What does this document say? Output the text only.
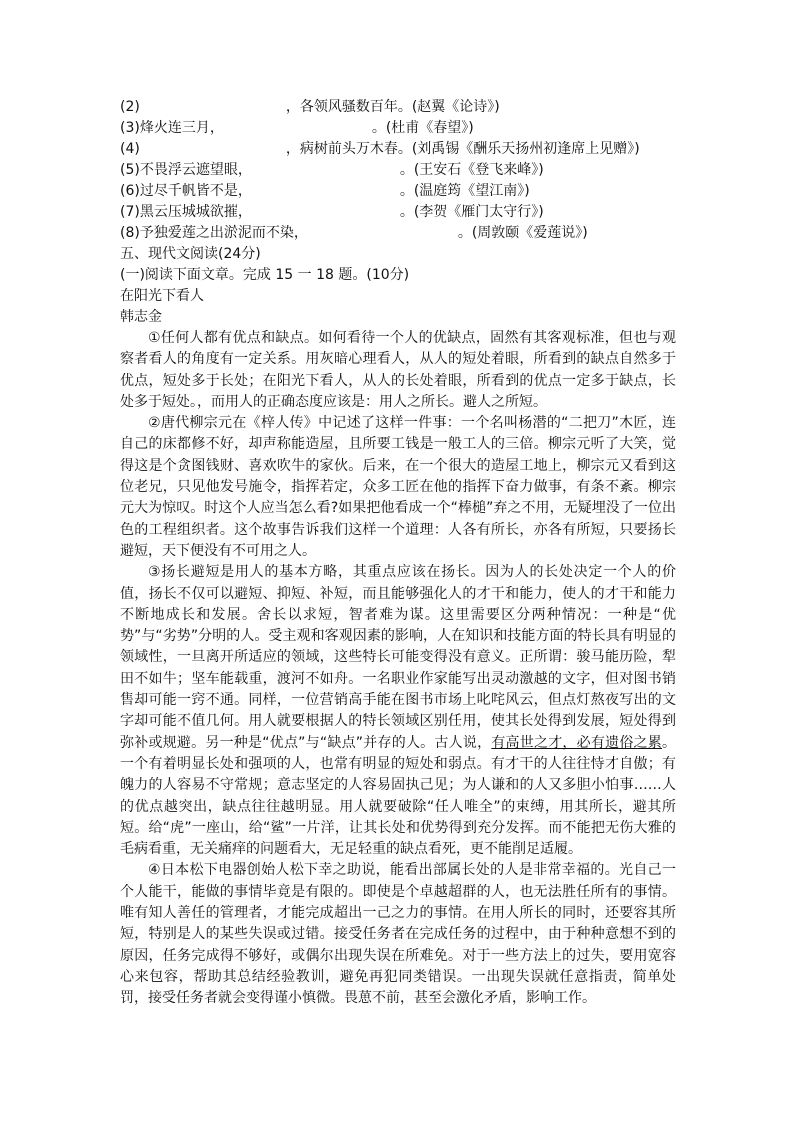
(2)	，各领风骚数百年。(赵翼《论诗》)
(3)烽火连三月，	。(杜甫《春望》)
(4)	，病树前头万木春。(刘禹锡《酬乐天扬州初逢席上见赠》)
(5)不畏浮云遮望眼，	。(王安石《登飞来峰》)
(6)过尽千帆皆不是，	。(温庭筠《望江南》)
(7)黑云压城城欲摧，	。(李贺《雁门太守行》)
(8)予独爱莲之出淤泥而不染，	。(周敦颐《爱莲说》)
五、现代文阅读(24分)
(一)阅读下面文章。完成 15 一 18 题。(10分)
在阳光下看人
韩志金

①任何人都有优点和缺点。如何看待一个人的优缺点，固然有其客观标准，但也与观察者看人的角度有一定关系。用灰暗心理看人，从人的短处着眼，所看到的缺点自然多于优点，短处多于长处；在阳光下看人，从人的长处着眼，所看到的优点一定多于缺点，长处多于短处。，而用人的正确态度应该是：用人之所长。避人之所短。

②唐代柳宗元在《梓人传》中记述了这样一件事：一个名叫杨潜的“二把刀”木匠，连自己的床都修不好，却声称能造屋，且所要工钱是一般工人的三倍。柳宗元听了大笑，觉得这是个贪图钱财、喜欢吹牛的家伙。后来，在一个很大的造屋工地上，柳宗元又看到这位老兄，只见他发号施令，指挥若定，众多工匠在他的指挥下奋力做事，有条不紊。柳宗元大为惊叹。时这个人应当怎么看?如果把他看成一个“棒槌”弃之不用，无疑埋没了一位出色的工程组织者。这个故事告诉我们这样一个道理：人各有所长，亦各有所短，只要扬长避短，天下便没有不可用之人。

③扬长避短是用人的基本方略，其重点应该在扬长。因为人的长处决定一个人的价值，扬长不仅可以避短、抑短、补短，而且能够强化人的才干和能力，使人的才干和能力不断地成长和发展。舍长以求短，智者难为谋。这里需要区分两种情况：一种是“优势”与“劣势”分明的人。受主观和客观因素的影响，人在知识和技能方面的特长具有明显的领域性，一旦离开所适应的领域，这些特长可能变得没有意义。正所谓：骏马能历险，犁田不如牛；坚车能载重，渡河不如舟。一名职业作家能写出灵动激越的文字，但对图书销售却可能一窍不通。同样，一位营销高手能在图书市场上叱咤风云，但点灯熬夜写出的文字却可能不值几何。用人就要根据人的特长领域区别任用，使其长处得到发展，短处得到弥补或规避。另一种是“优点”与“缺点”并存的人。古人说，有高世之才，必有遗俗之累。一个有着明显长处和强项的人，也常有明显的短处和弱点。有才干的人往往恃才自傲；有魄力的人容易不守常规；意志坚定的人容易固执己见；为人谦和的人又多胆小怕事……人的优点越突出，缺点往往越明显。用人就要破除“任人唯全”的束缚，用其所长，避其所短。给“虎”一座山，给“鲨”一片洋，让其长处和优势得到充分发挥。而不能把无伤大雅的毛病看重，无关痛痒的问题看大，无足轻重的缺点看死，更不能削足适履。

④日本松下电器创始人松下幸之助说，能看出部属长处的人是非常幸福的。光自己一个人能干，能做的事情毕竟是有限的。即使是个卓越超群的人，也无法胜任所有的事情。唯有知人善任的管理者，才能完成超出一己之力的事情。在用人所长的同时，还要容其所短，特别是人的某些失误或过错。接受任务者在完成任务的过程中，由于种种意想不到的原因，任务完成得不够好，或偶尔出现失误在所难免。对于一些方法上的过失，要用宽容心来包容，帮助其总结经验教训，避免再犯同类错误。一出现失误就任意指责，简单处罚，接受任务者就会变得谨小慎微。畏葸不前，甚至会激化矛盾，影响工作。
